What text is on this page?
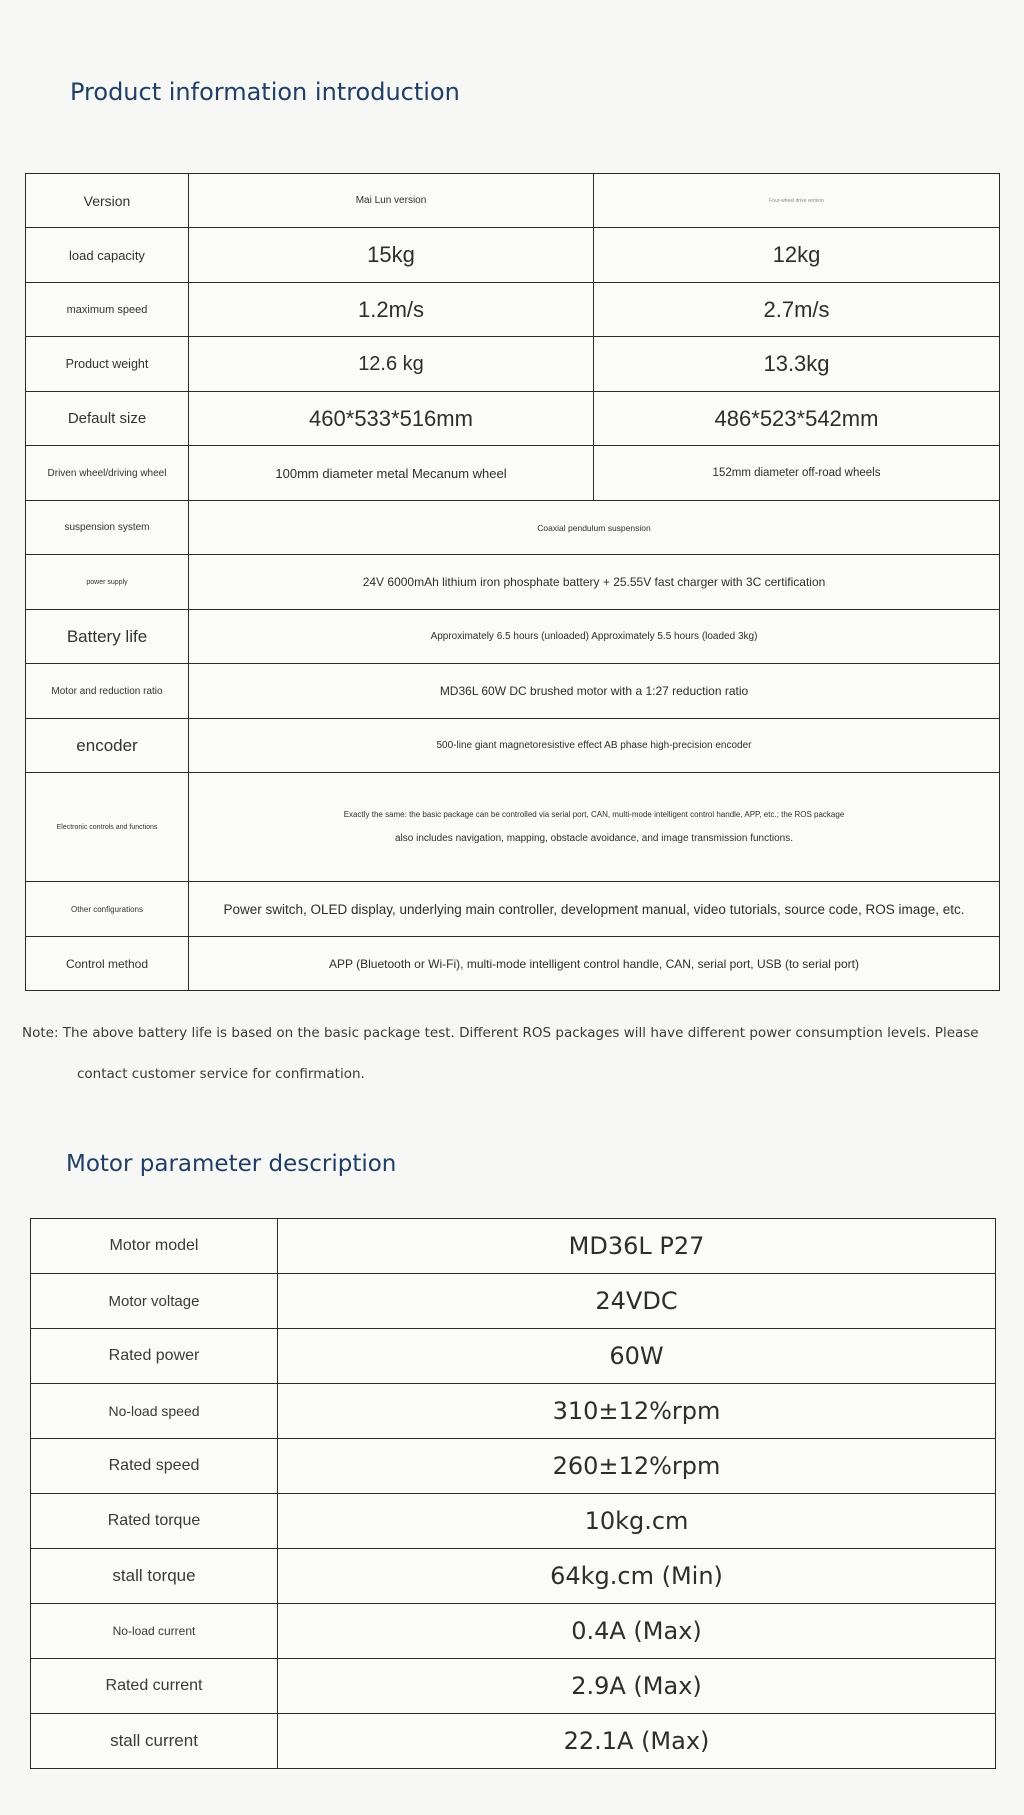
Product information introduction
Version	Mai Lun version	Four-wheel drive version
load capacity	15kg	12kg
maximum speed	1.2m/s	2.7m/s
Product weight	12.6 kg	13.3kg
Default size	460*533*516mm	486*523*542mm
Driven wheel/driving wheel	100mm diameter metal Mecanum wheel	152mm diameter off-road wheels
suspension system	Coaxial pendulum suspension	
power supply	24V 6000mAh lithium iron phosphate battery + 25.55V fast charger with 3C certification	
Battery life	Approximately 6.5 hours (unloaded) Approximately 5.5 hours (loaded 3kg)	
Motor and reduction ratio	MD36L 60W DC brushed motor with a 1:27 reduction ratio	
encoder	500-line giant magnetoresistive effect AB phase high-precision encoder	
Electronic controls and functions	Exactly the same: the basic package can be controlled via serial port, CAN, multi-mode intelligent control handle, APP, etc.; the ROS package
also includes navigation, mapping, obstacle avoidance, and image transmission functions.	

Other configurations	Power switch, OLED display, underlying main controller, development manual, video tutorials, source code, ROS image, etc.	
Control method	APP (Bluetooth or Wi-Fi), multi-mode intelligent control handle, CAN, serial port, USB (to serial port)	

Note: The above battery life is based on the basic package test. Different ROS packages will have different power consumption levels. Please

contact customer service for confirmation.

Motor parameter description
Motor model	MD36L P27
Motor voltage	24VDC
Rated power	60W
No-load speed	310±12%rpm
Rated speed	260±12%rpm
Rated torque	10kg.cm
stall torque	64kg.cm (Min)
No-load current	0.4A (Max)
Rated current	2.9A (Max)
stall current	22.1A (Max)
